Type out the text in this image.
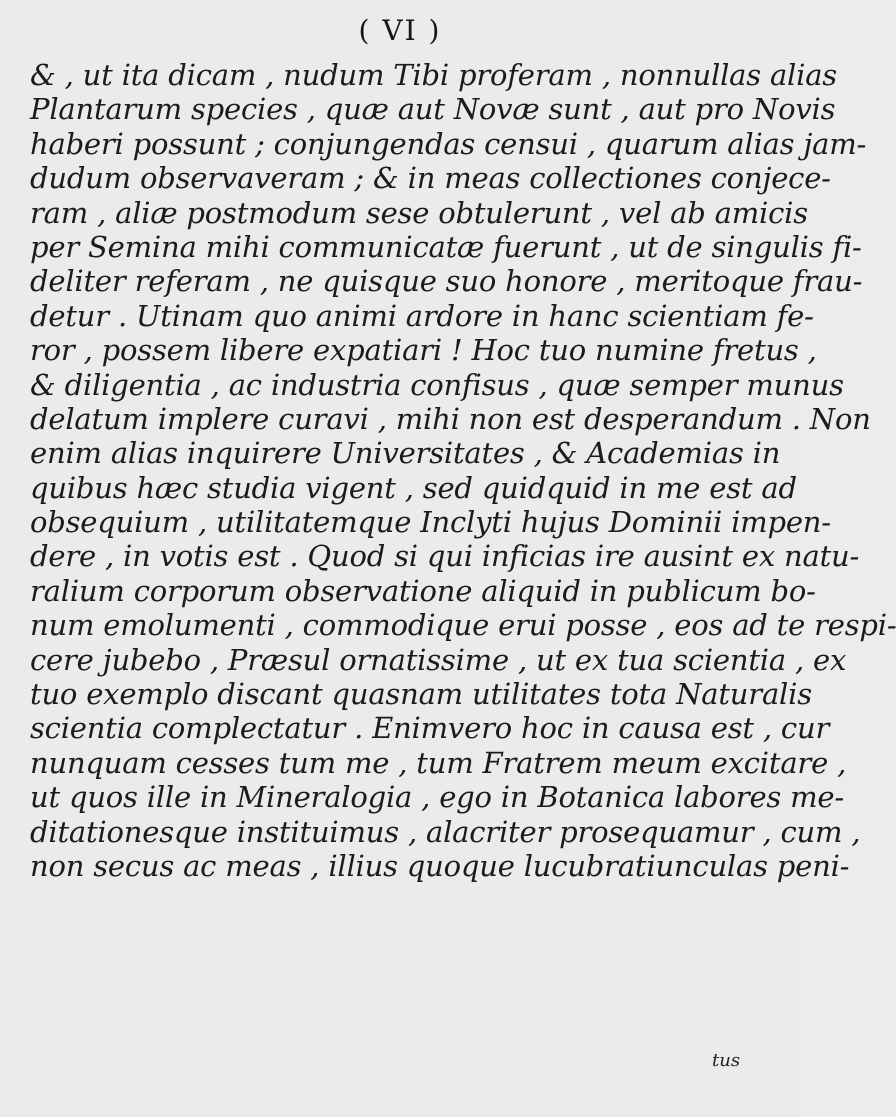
( VI )
& , ut ita dicam , nudum Tibi proferam , nonnullas alias
Plantarum species , quæ aut Novæ sunt , aut pro Novis
haberi possunt ; conjungendas censui , quarum alias jam-
dudum observaveram ; & in meas collectiones conjece-
ram , aliæ postmodum sese obtulerunt , vel ab amicis
per Semina mihi communicatæ fuerunt , ut de singulis fi-
deliter referam , ne quisque suo honore , meritoque frau-
detur . Utinam quo animi ardore in hanc scientiam fe-
ror , possem libere expatiari ! Hoc tuo numine fretus ,
& diligentia , ac industria confisus , quæ semper munus
delatum implere curavi , mihi non est desperandum . Non
enim alias inquirere Universitates , & Academias in
quibus hæc studia vigent , sed quidquid in me est ad
obsequium , utilitatemque Inclyti hujus Dominii impen-
dere , in votis est . Quod si qui inficias ire ausint ex natu-
ralium corporum observatione aliquid in publicum bo-
num emolumenti , commodique erui posse , eos ad te respi-
cere jubebo , Præsul ornatissime , ut ex tua scientia , ex
tuo exemplo discant quasnam utilitates tota Naturalis
scientia complectatur . Enimvero hoc in causa est , cur
nunquam cesses tum me , tum Fratrem meum excitare ,
ut quos ille in Mineralogia , ego in Botanica labores me-
ditationesque instituimus , alacriter prosequamur , cum ,
non secus ac meas , illius quoque lucubratiunculas peni-
tus
